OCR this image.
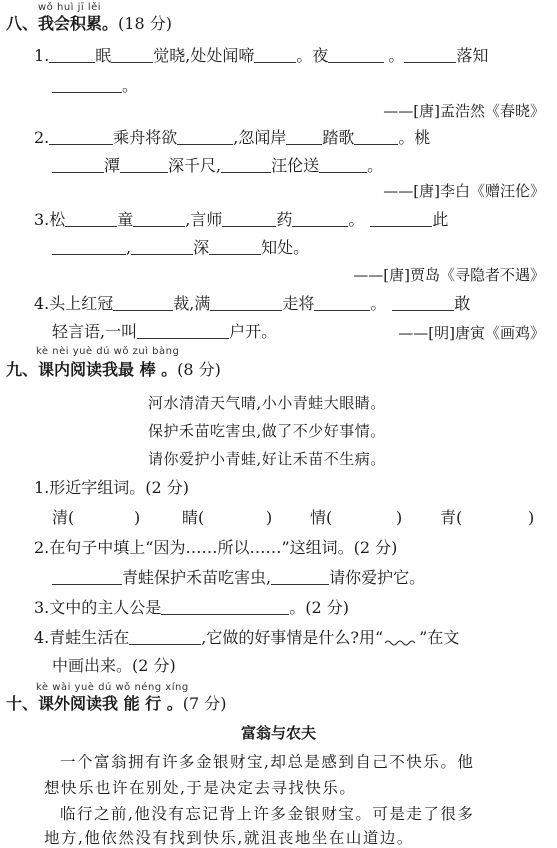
wǒ huì jī lěi
八、我会积累。(18 分)
1.	眠	觉晓,处处闻啼	。夜	。	落知
。
——[唐]孟浩然《春晓》
2.	乘舟将欲	,忽闻岸 踏歌	。桃
潭	深千尺,	汪伦送	。
——[唐]李白《赠汪伦》
3.松	童	,言师	药	。	此
,	深	知处。
——[唐]贾岛《寻隐者不遇》
4.头上红冠	裁,满	走将	。	敢
轻言语,一叫	户开。	——[明]唐寅《画鸡》
kè nèi yuè dú wǒ zuì bàng
九、课内阅读我最 棒 。(8 分)
河水清清天气晴,小小青蛙大眼睛。
保护禾苗吃害虫,做了不少好事情。
请你爱护小青蛙,好让禾苗不生病。
1.形近字组词。(2 分)
清(	)	睛(	) 情(	) 青(	)
2.在句子中填上“因为……所以……”这组词。(2 分)
青蛙保护禾苗吃害虫,	请你爱护它。
3.文中的主人公是	。(2 分)
4.青蛙生活在	,它做的好事情是什么?用“ ”在文
中画出来。(2 分)
kè wài yuè dú wǒ néng xíng
十、课外阅读我 能 行 。(7 分)
富翁与农夫
一个富翁拥有许多金银财宝,却总是感到自己不快乐。他
想快乐也许在别处,于是决定去寻找快乐。
临行之前,他没有忘记背上许多金银财宝。可是走了很多
地方,他依然没有找到快乐,就沮丧地坐在山道边。
